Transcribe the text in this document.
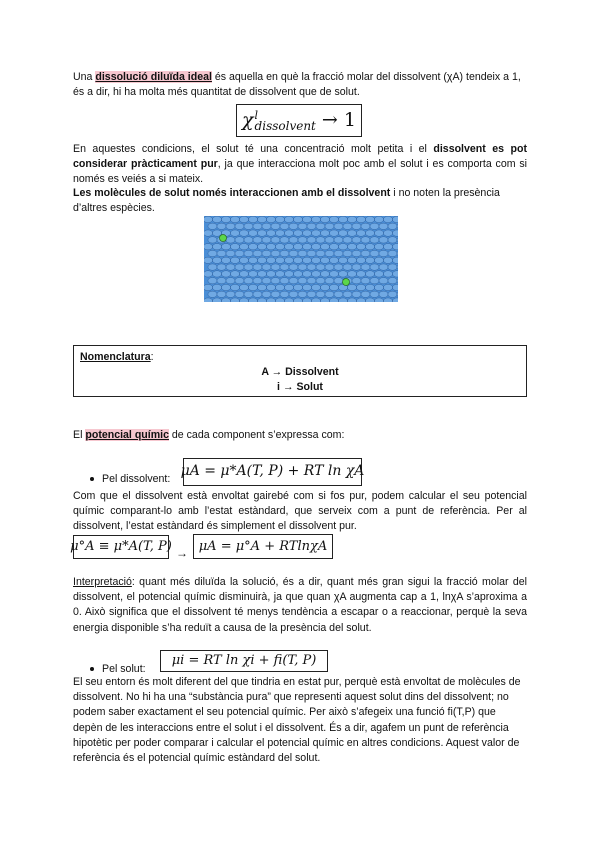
Una dissolució diluïda ideal és aquella en què la fracció molar del dissolvent (χA) tendeix a 1, és a dir, hi ha molta més quantitat de dissolvent que de solut.

χ l
dissolvent → 1

En aquestes condicions, el solut té una concentració molt petita i el dissolvent es pot considerar pràcticament pur, ja que interacciona molt poc amb el solut i es comporta com si només es veiés a si mateix.

Les molècules de solut només interaccionen amb el dissolvent i no noten la presència d’altres espècies.

Nomenclatura:
A → Dissolvent
i → Solut

El potencial químic de cada component s’expressa com:

Pel dissolvent: μA = μ*A(T, P) + RT ln χA

Com que el dissolvent està envoltat gairebé com si fos pur, podem calcular el seu potencial químic comparant-lo amb l’estat estàndard, que serveix com a punt de referència. Per al dissolvent, l’estat estàndard és simplement el dissolvent pur.

μ°A ≡ μ*A(T, P) → μA = μ°A + RTlnχA

Interpretació: quant més diluïda la solució, és a dir, quant més gran sigui la fracció molar del dissolvent, el potencial químic disminuirà, ja que quan χA augmenta cap a 1, lnχA s’aproxima a 0. Això significa que el dissolvent té menys tendència a escapar o a reaccionar, perquè la seva energia disponible s’ha reduït a causa de la presència del solut.

Pel solut:
μi = RT ln χi + fi(T, P)

El seu entorn és molt diferent del que tindria en estat pur, perquè està envoltat de molècules de dissolvent. No hi ha una “substància pura” que representi aquest solut dins del dissolvent; no podem saber exactament el seu potencial químic. Per això s’afegeix una funció fi(T,P) que depèn de les interaccions entre el solut i el dissolvent. És a dir, agafem un punt de referència hipotètic per poder comparar i calcular el potencial químic en altres condicions. Aquest valor de referència és el potencial químic estàndard del solut.
